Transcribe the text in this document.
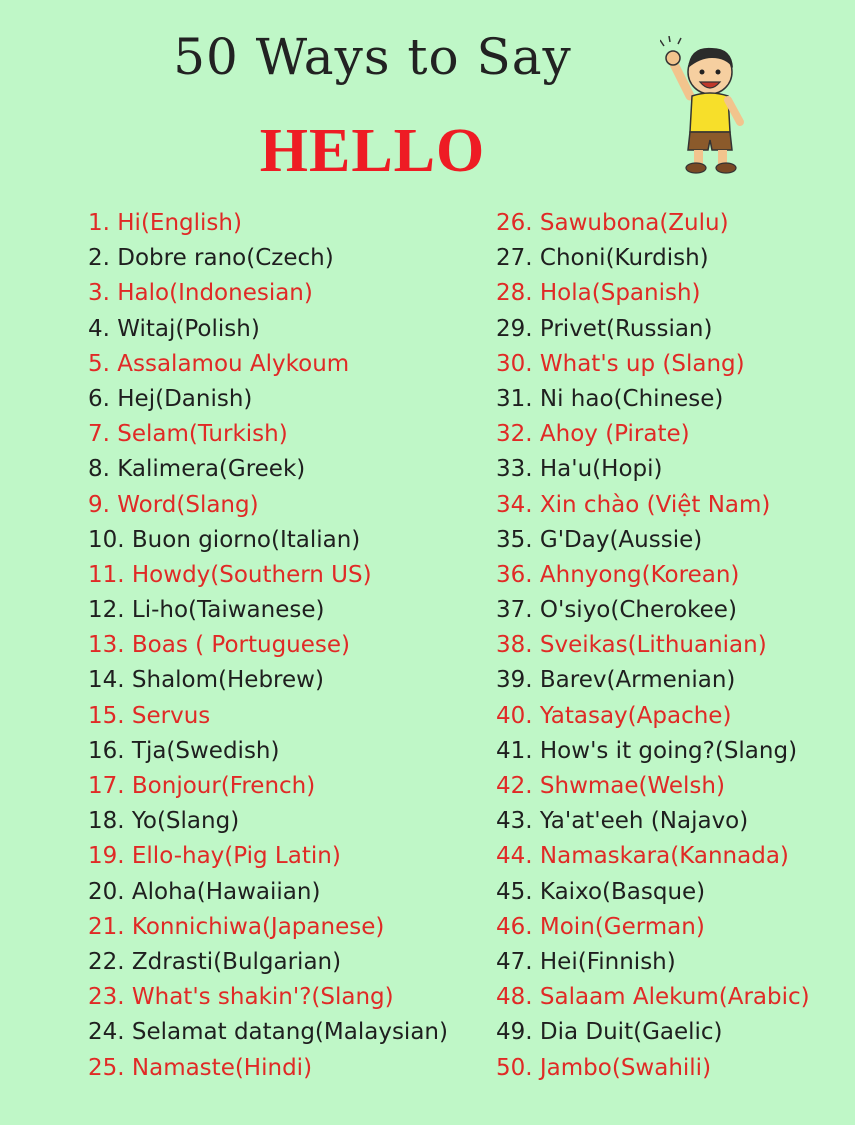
50 Ways to Say
HELLO
1. Hi(English)
2. Dobre rano(Czech)
3. Halo(Indonesian)
4. Witaj(Polish)
5. Assalamou Alykoum
6. Hej(Danish)
7. Selam(Turkish)
8. Kalimera(Greek)
9. Word(Slang)
10. Buon giorno(Italian)
11. Howdy(Southern US)
12. Li-ho(Taiwanese)
13. Boas ( Portuguese)
14. Shalom(Hebrew)
15. Servus
16. Tja(Swedish)
17. Bonjour(French)
18. Yo(Slang)
19. Ello-hay(Pig Latin)
20. Aloha(Hawaiian)
21. Konnichiwa(Japanese)
22. Zdrasti(Bulgarian)
23. What's shakin'?(Slang)
24. Selamat datang(Malaysian)
25. Namaste(Hindi)
26. Sawubona(Zulu)
27. Choni(Kurdish)
28. Hola(Spanish)
29. Privet(Russian)
30. What's up (Slang)
31. Ni hao(Chinese)
32. Ahoy (Pirate)
33. Ha'u(Hopi)
34. Xin chào (Việt Nam)
35. G'Day(Aussie)
36. Ahnyong(Korean)
37. O'siyo(Cherokee)
38. Sveikas(Lithuanian)
39. Barev(Armenian)
40. Yatasay(Apache)
41. How's it going?(Slang)
42. Shwmae(Welsh)
43. Ya'at'eeh (Najavo)
44. Namaskara(Kannada)
45. Kaixo(Basque)
46. Moin(German)
47. Hei(Finnish)
48. Salaam Alekum(Arabic)
49. Dia Duit(Gaelic)
50. Jambo(Swahili)
